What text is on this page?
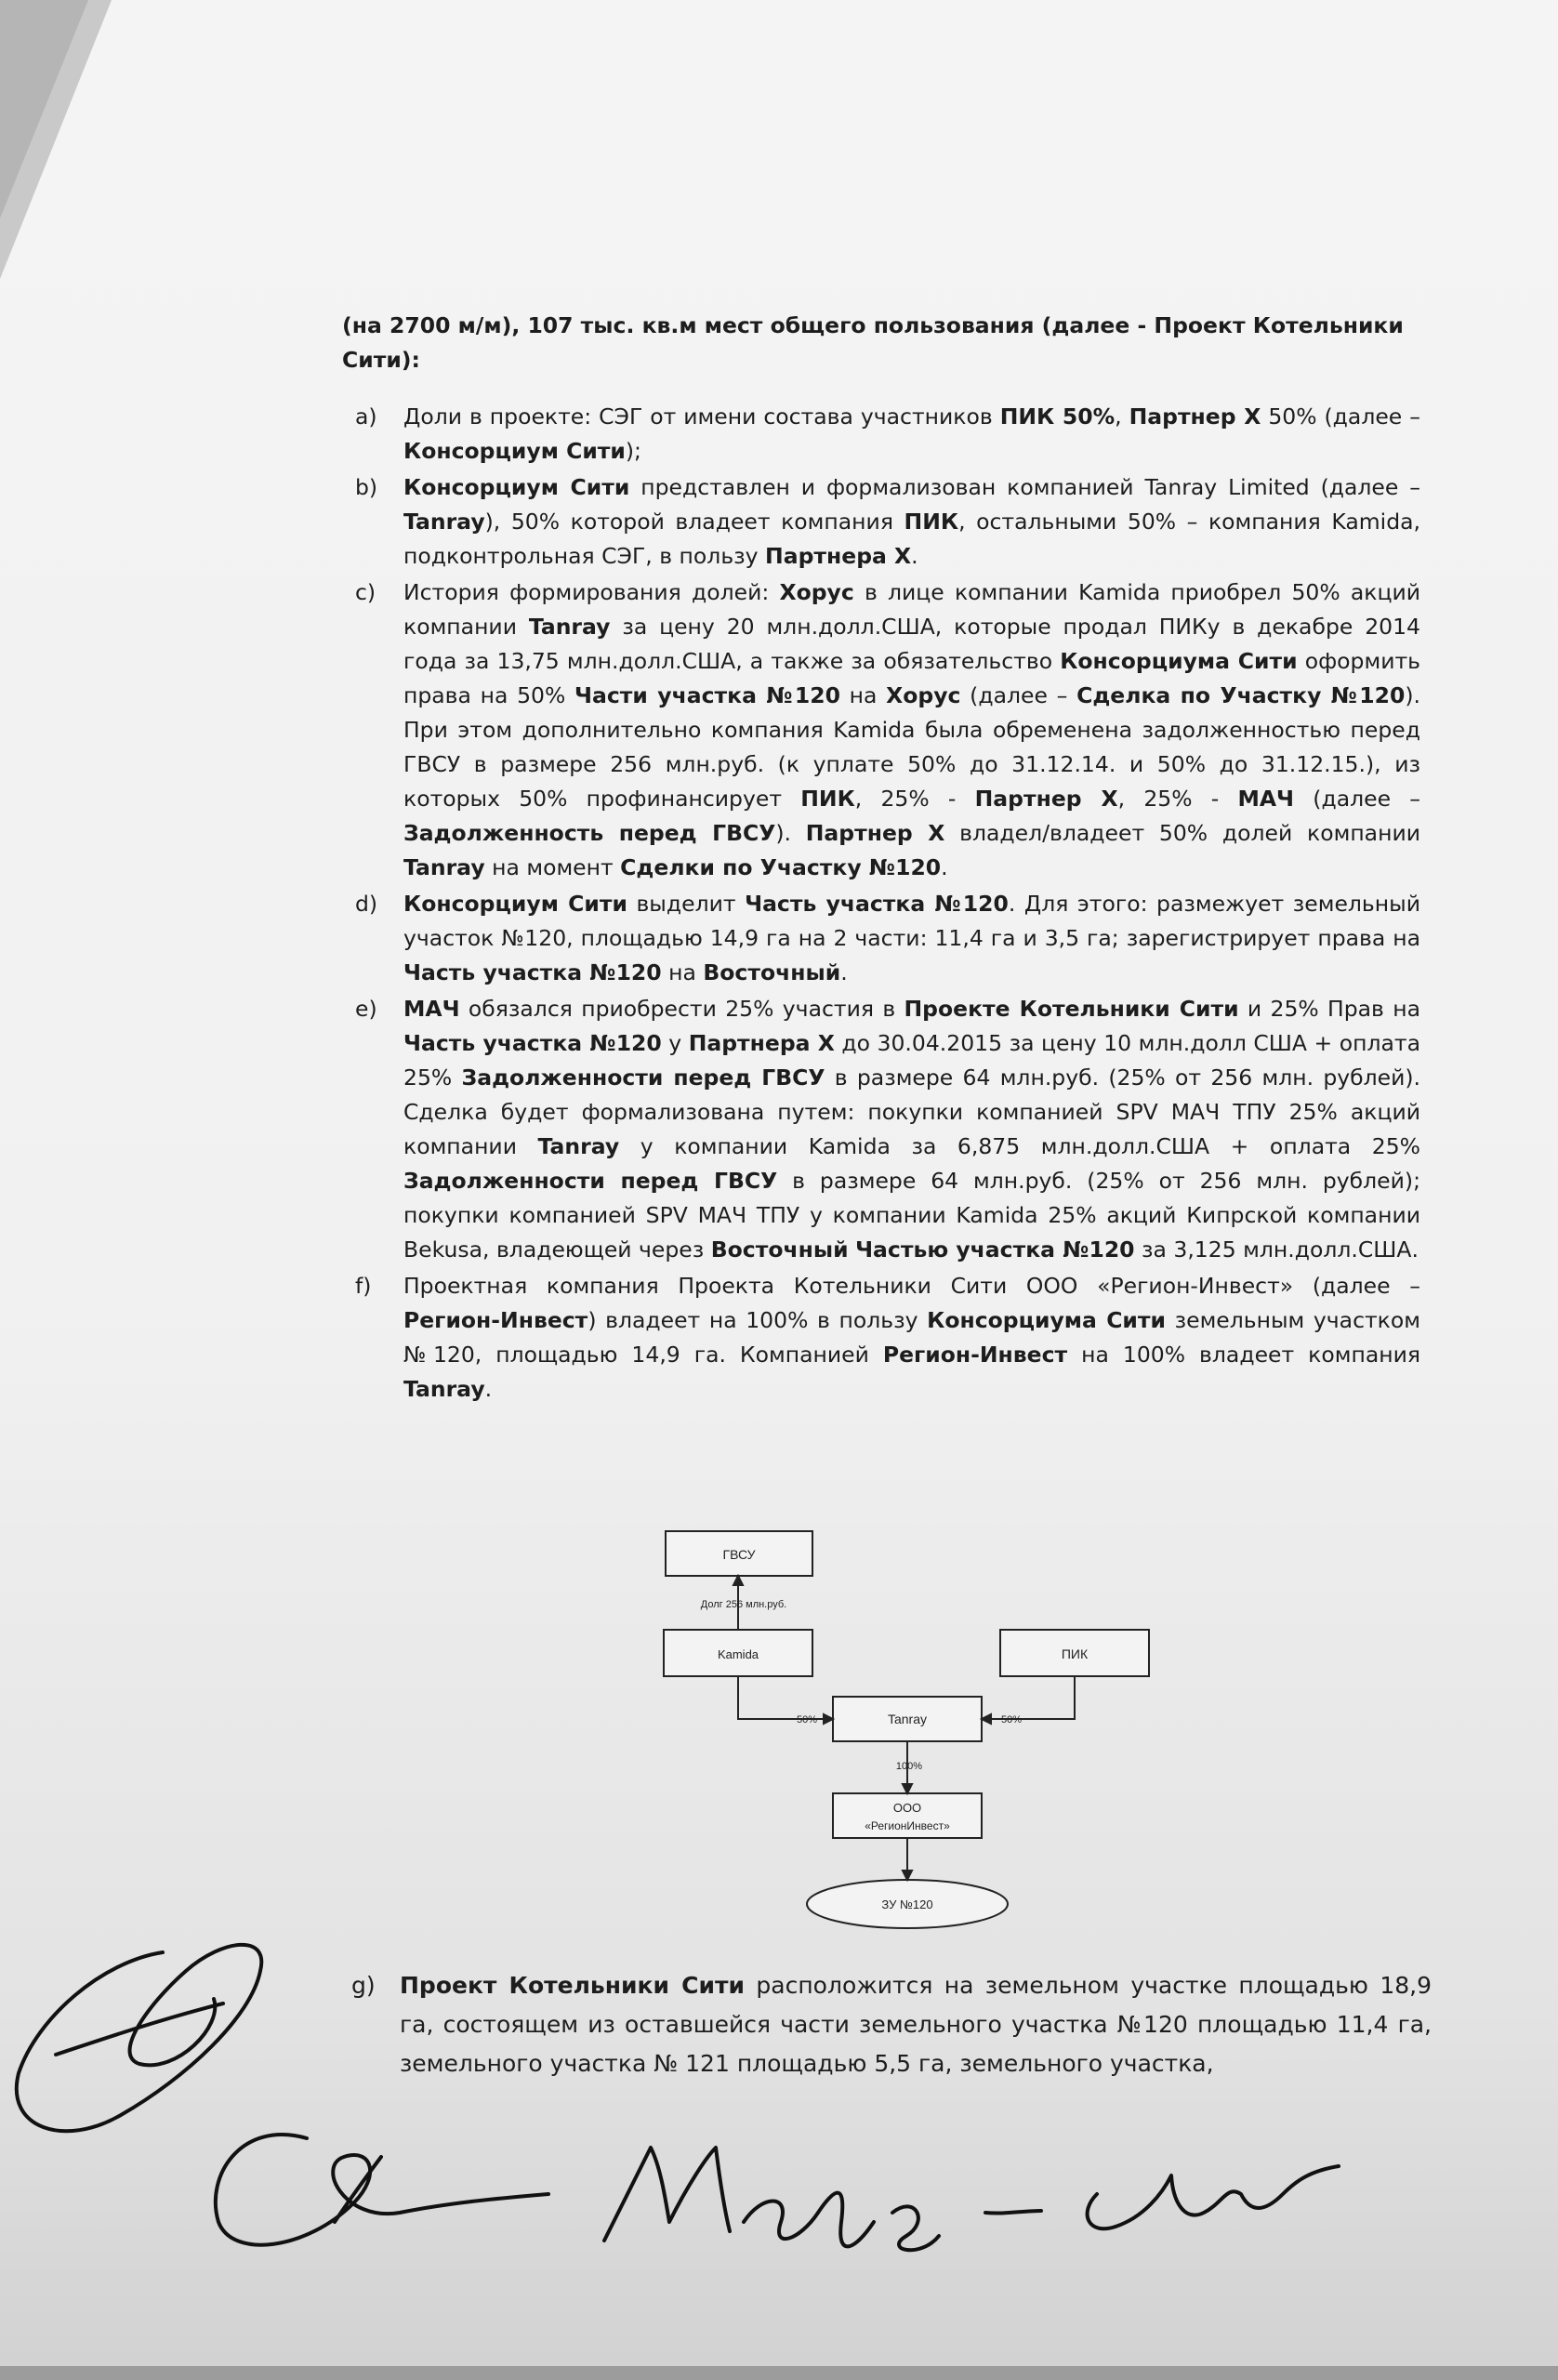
(на 2700 м/м), 107 тыс. кв.м мест общего пользования (далее - Проект Котельники Сити):

a) Доли в проекте: СЭГ от имени состава участников ПИК 50%, Партнер Х 50% (далее – Консорциум Сити);
b) Консорциум Сити представлен и формализован компанией Tanray Limited (далее – Tanray), 50% которой владеет компания ПИК, остальными 50% – компания Kamida, подконтрольная СЭГ, в пользу Партнера Х.
c) История формирования долей: Хорус в лице компании Kamida приобрел 50% акций компании Tanray за цену 20 млн.долл.США, которые продал ПИКу в декабре 2014 года за 13,75 млн.долл.США, а также за обязательство Консорциума Сити оформить права на 50% Части участка №120 на Хорус (далее – Сделка по Участку №120). При этом дополнительно компания Kamida была обременена задолженностью перед ГВСУ в размере 256 млн.руб. (к уплате 50% до 31.12.14. и 50% до 31.12.15.), из которых 50% профинансирует ПИК, 25% - Партнер Х, 25% - МАЧ (далее – Задолженность перед ГВСУ). Партнер Х владел/владеет 50% долей компании Tanray на момент Сделки по Участку №120.
d) Консорциум Сити выделит Часть участка №120. Для этого: размежует земельный участок №120, площадью 14,9 га на 2 части: 11,4 га и 3,5 га; зарегистрирует права на Часть участка №120 на Восточный.
e) МАЧ обязался приобрести 25% участия в Проекте Котельники Сити и 25% Прав на Часть участка №120 у Партнера Х до 30.04.2015 за цену 10 млн.долл США + оплата 25% Задолженности перед ГВСУ в размере 64 млн.руб. (25% от 256 млн. рублей). Сделка будет формализована путем: покупки компанией SPV МАЧ ТПУ 25% акций компании Tanray у компании Kamida за 6,875 млн.долл.США + оплата 25% Задолженности перед ГВСУ в размере 64 млн.руб. (25% от 256 млн. рублей); покупки компанией SPV МАЧ ТПУ у компании Kamida 25% акций Кипрской компании Bekusa, владеющей через Восточный Частью участка №120 за 3,125 млн.долл.США.
f) Проектная компания Проекта Котельники Сити ООО «Регион-Инвест» (далее – Регион-Инвест) владеет на 100% в пользу Консорциума Сити земельным участком №120, площадью 14,9 га. Компанией Регион-Инвест на 100% владеет компания Tanray.
ГВСУ
Долг 256 млн.руб.
Kamida	ПИК
Tanray
50%	50%
100%
ООО
«РегионИнвест»
ЗУ №120
g) Проект Котельники Сити расположится на земельном участке площадью 18,9 га, состоящем из оставшейся части земельного участка №120 площадью 11,4 га, земельного участка № 121 площадью 5,5 га, земельного участка,
